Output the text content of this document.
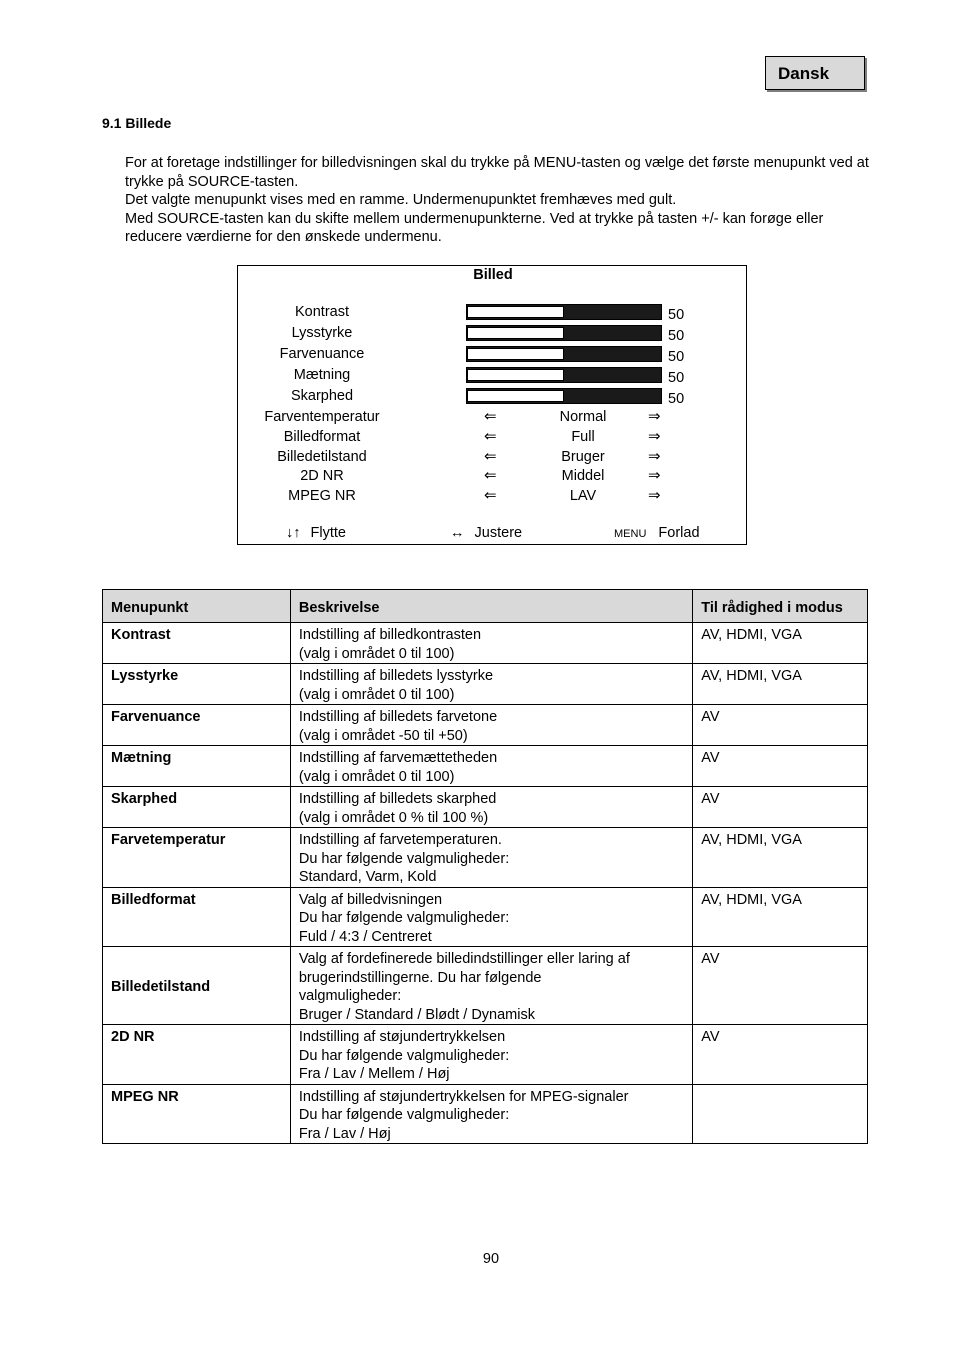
Dansk
9.1 Billede

For at foretage indstillinger for billedvisningen skal du trykke på MENU-tasten og vælge det første menupunkt ved at trykke på SOURCE-tasten.

Det valgte menupunkt vises med en ramme. Undermenupunktet fremhæves med gult.

Med SOURCE-tasten kan du skifte mellem undermenupunkterne. Ved at trykke på tasten +/- kan forøge eller reducere værdierne for den ønskede undermenu.

Billed
↓↑ Flytte	↔ Justere	MENU Forlad
Kontrast	50
Lysstyrke	50
Farvenuance	50
Mætning	50
Skarphed	50
Farventemperatur	⇐	Normal	⇒
Billedformat	⇐	Full	⇒
Billedetilstand	⇐	Bruger	⇒
2D NR	⇐	Middel	⇒
MPEG NR	⇐	LAV	⇒
Menupunkt	Beskrivelse	Til rådighed i modus
Kontrast	Indstilling af billedkontrasten
(valg i området 0 til 100)	AV, HDMI, VGA
Lysstyrke	Indstilling af billedets lysstyrke
(valg i området 0 til 100)	AV, HDMI, VGA
Farvenuance	Indstilling af billedets farvetone
(valg i området -50 til +50)	AV
Mætning	Indstilling af farvemættetheden
(valg i området 0 til 100)	AV
Skarphed	Indstilling af billedets skarphed
(valg i området 0 % til 100 %)	AV
Farvetemperatur	Indstilling af farvetemperaturen.
Du har følgende valgmuligheder:
Standard, Varm, Kold	AV, HDMI, VGA
Billedformat	Valg af billedvisningen
Du har følgende valgmuligheder:
Fuld / 4:3 / Centreret	AV, HDMI, VGA
Billedetilstand	Valg af fordefinerede billedindstillinger eller laring af
brugerindstillingerne. Du har følgende
valgmuligheder:
Bruger / Standard / Blødt / Dynamisk	AV
2D NR	Indstilling af støjundertrykkelsen
Du har følgende valgmuligheder:
Fra / Lav / Mellem / Høj	AV
MPEG NR	Indstilling af støjundertrykkelsen for MPEG-signaler
Du har følgende valgmuligheder:
Fra / Lav / Høj	

90
